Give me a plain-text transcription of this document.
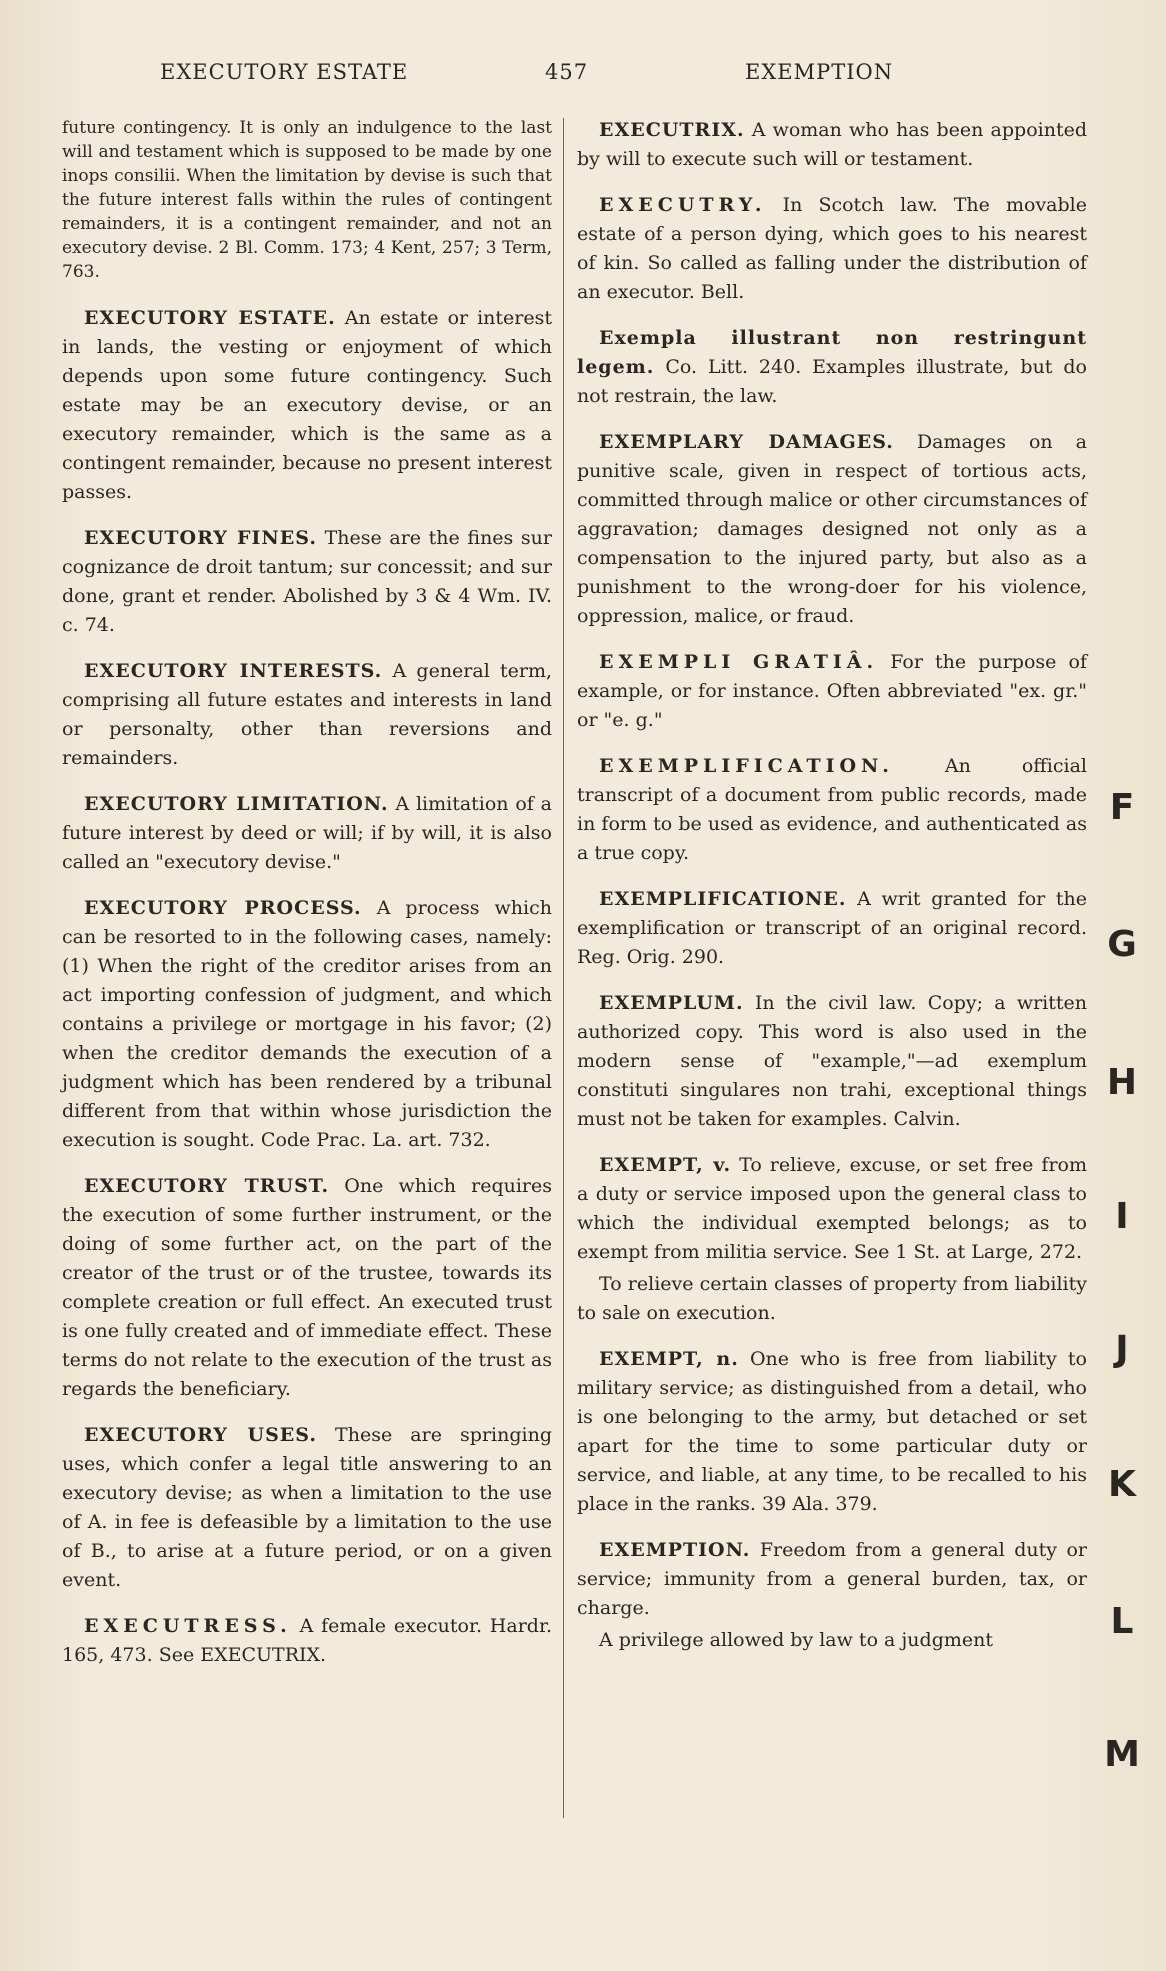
EXECUTORY ESTATE	457	EXEMPTION

future contingency. It is only an indulgence to the last will and testament which is supposed to be made by one inops consilii. When the limitation by devise is such that the future interest falls within the rules of contingent remainders, it is a contingent remainder, and not an executory devise. 2 Bl. Comm. 173; 4 Kent, 257; 3 Term, 763.

EXECUTORY ESTATE. An estate or interest in lands, the vesting or enjoyment of which depends upon some future contingency. Such estate may be an executory devise, or an executory remainder, which is the same as a contingent remainder, because no present interest passes.

EXECUTORY FINES. These are the fines sur cognizance de droit tantum; sur concessit; and sur done, grant et render. Abolished by 3 & 4 Wm. IV. c. 74.

EXECUTORY INTERESTS. A general term, comprising all future estates and interests in land or personalty, other than reversions and remainders.

EXECUTORY LIMITATION. A limitation of a future interest by deed or will; if by will, it is also called an "executory devise."

EXECUTORY PROCESS. A process which can be resorted to in the following cases, namely: (1) When the right of the creditor arises from an act importing confession of judgment, and which contains a privilege or mortgage in his favor; (2) when the creditor demands the execution of a judgment which has been rendered by a tribunal different from that within whose jurisdiction the execution is sought. Code Prac. La. art. 732.

EXECUTORY TRUST. One which requires the execution of some further instrument, or the doing of some further act, on the part of the creator of the trust or of the trustee, towards its complete creation or full effect. An executed trust is one fully created and of immediate effect. These terms do not relate to the execution of the trust as regards the beneficiary.

EXECUTORY USES. These are springing uses, which confer a legal title answering to an executory devise; as when a limitation to the use of A. in fee is defeasible by a limitation to the use of B., to arise at a future period, or on a given event.

EXECUTRESS. A female executor. Hardr. 165, 473. See EXECUTRIX.

EXECUTRIX. A woman who has been appointed by will to execute such will or testament.

EXECUTRY. In Scotch law. The movable estate of a person dying, which goes to his nearest of kin. So called as falling under the distribution of an executor. Bell.

Exempla illustrant non restringunt legem. Co. Litt. 240. Examples illustrate, but do not restrain, the law.

EXEMPLARY DAMAGES. Damages on a punitive scale, given in respect of tortious acts, committed through malice or other circumstances of aggravation; damages designed not only as a compensation to the injured party, but also as a punishment to the wrong-doer for his violence, oppression, malice, or fraud.

EXEMPLI GRATIÂ. For the purpose of example, or for instance. Often abbreviated "ex. gr." or "e. g."

EXEMPLIFICATION.	An official transcript of a document from public records, made in form to be used as evidence, and authenticated as a true copy.

EXEMPLIFICATIONE. A writ granted for the exemplification or transcript of an original record. Reg. Orig. 290.

EXEMPLUM. In the civil law. Copy; a written authorized copy. This word is also used in the modern sense of "example,"—ad exemplum constituti singulares non trahi, exceptional things must not be taken for examples. Calvin.

EXEMPT, v. To relieve, excuse, or set free from a duty or service imposed upon the general class to which the individual exempted belongs; as to exempt from militia service. See 1 St. at Large, 272.

To relieve certain classes of property from liability to sale on execution.

EXEMPT, n. One who is free from liability to military service; as distinguished from a detail, who is one belonging to the army, but detached or set apart for the time to some particular duty or service, and liable, at any time, to be recalled to his place in the ranks. 39 Ala. 379.

EXEMPTION. Freedom from a general duty or service; immunity from a general burden, tax, or charge.

A privilege allowed by law to a judgment

F
G
H
I
J
K
L
M
